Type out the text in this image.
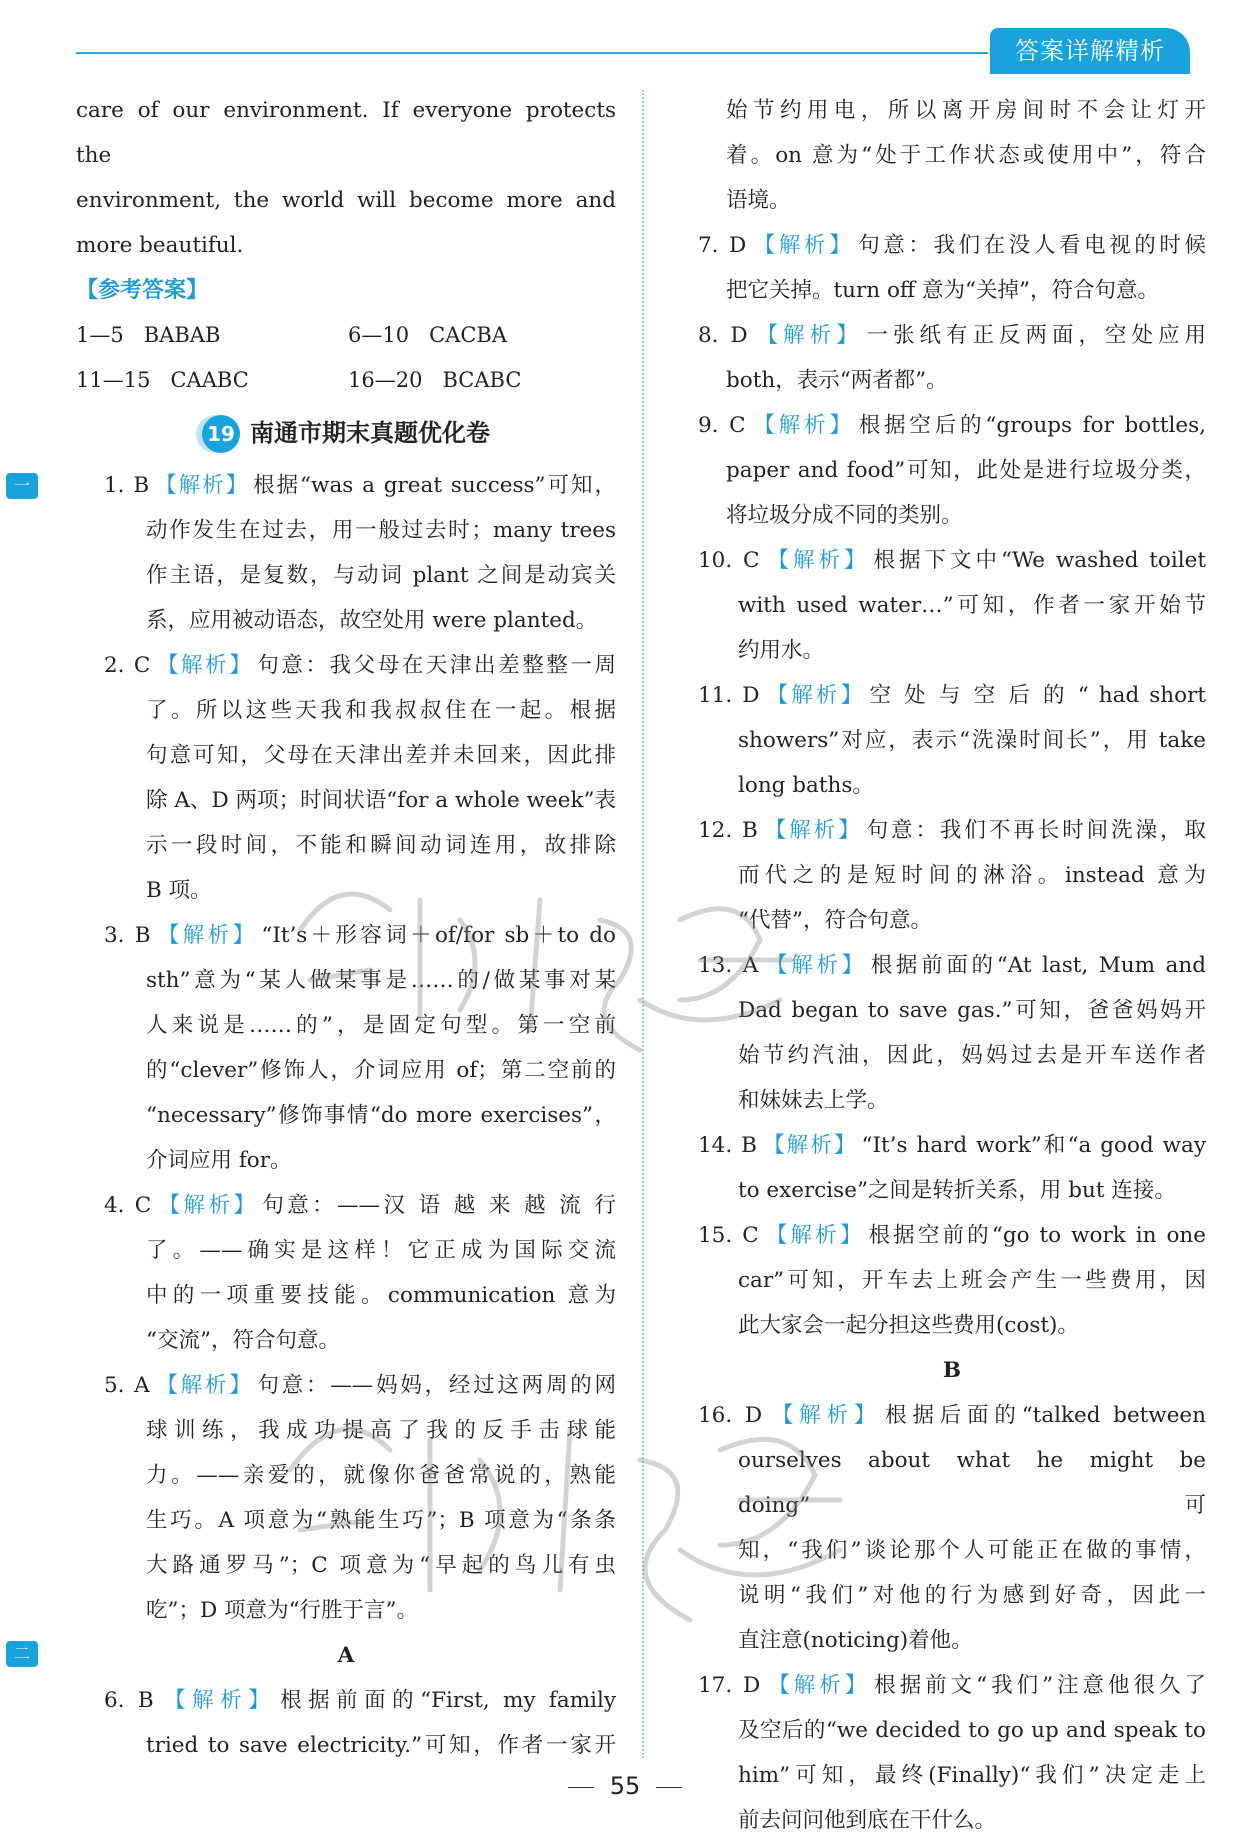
答案详解精析
care of our environment. If everyone protects the
environment, the world will become more and
more beautiful.
【参考答案】
1—5 BABAB	6—10 CACBA
11—15 CAABC	16—20 BCABC
19 南通市期末真题优化卷
一	1. B 【解析】 根据“was a great success”可知，
动作发生在过去，用一般过去时；many trees
作主语，是复数，与动词 plant 之间是动宾关
系，应用被动语态，故空处用 were planted。
2. C 【解析】 句意：我父母在天津出差整整一周
了。所以这些天我和我叔叔住在一起。根据
句意可知，父母在天津出差并未回来，因此排
除 A、D 两项；时间状语“for a whole week”表
示一段时间，不能和瞬间动词连用，故排除
B 项。
3. B 【解析】 “It’s＋形容词＋of/for sb＋to do
sth”意为“某人做某事是……的/做某事对某
人来说是……的”，是固定句型。第一空前
的“clever”修饰人，介词应用 of；第二空前的
“necessary”修饰事情“do more exercises”，
介词应用 for。
4. C 【解析】 句意：——汉 语 越 来 越 流 行
了。——确实是这样！它正成为国际交流
中的一项重要技能。communication 意为
“交流”，符合句意。
5. A 【解析】 句意：——妈妈，经过这两周的网
球训练，我成功提高了我的反手击球能
力。——亲爱的，就像你爸爸常说的，熟能
生巧。A 项意为“熟能生巧”；B 项意为“条条
大路通罗马”；C 项意为“早起的鸟儿有虫
吃”；D 项意为“行胜于言”。
二	A
6. B 【解析】 根据前面的“First, my family
tried to save electricity.”可知，作者一家开
始节约用电，所以离开房间时不会让灯开
着。on 意为“处于工作状态或使用中”，符合
语境。
7. D 【解析】 句意：我们在没人看电视的时候
把它关掉。turn off 意为“关掉”，符合句意。
8. D 【解析】 一张纸有正反两面，空处应用
both，表示“两者都”。
9. C 【解析】 根据空后的“groups for bottles,
paper and food”可知，此处是进行垃圾分类，
将垃圾分成不同的类别。
10. C 【解析】 根据下文中“We washed toilet
with used water…”可知，作者一家开始节
约用水。
11. D 【解析】 空 处 与 空 后 的 “ had short
showers”对应，表示“洗澡时间长”，用 take
long baths。
12. B 【解析】 句意：我们不再长时间洗澡，取
而代之的是短时间的淋浴。instead 意为
“代替”，符合句意。
13. A 【解析】 根据前面的“At last, Mum and
Dad began to save gas.”可知，爸爸妈妈开
始节约汽油，因此，妈妈过去是开车送作者
和妹妹去上学。
14. B 【解析】 “It’s hard work”和“a good way
to exercise”之间是转折关系，用 but 连接。
15. C 【解析】 根据空前的“go to work in one
car”可知，开车去上班会产生一些费用，因
此大家会一起分担这些费用(cost)。
B
16. D 【解析】 根据后面的“talked between
ourselves about what he might be doing”可
知，“我们”谈论那个人可能正在做的事情，
说明“我们”对他的行为感到好奇，因此一
直注意(noticing)着他。
17. D 【解析】 根据前文“我们”注意他很久了
及空后的“we decided to go up and speak to
him”可知，最终(Finally)“我们”决定走上
前去问问他到底在干什么。
55
